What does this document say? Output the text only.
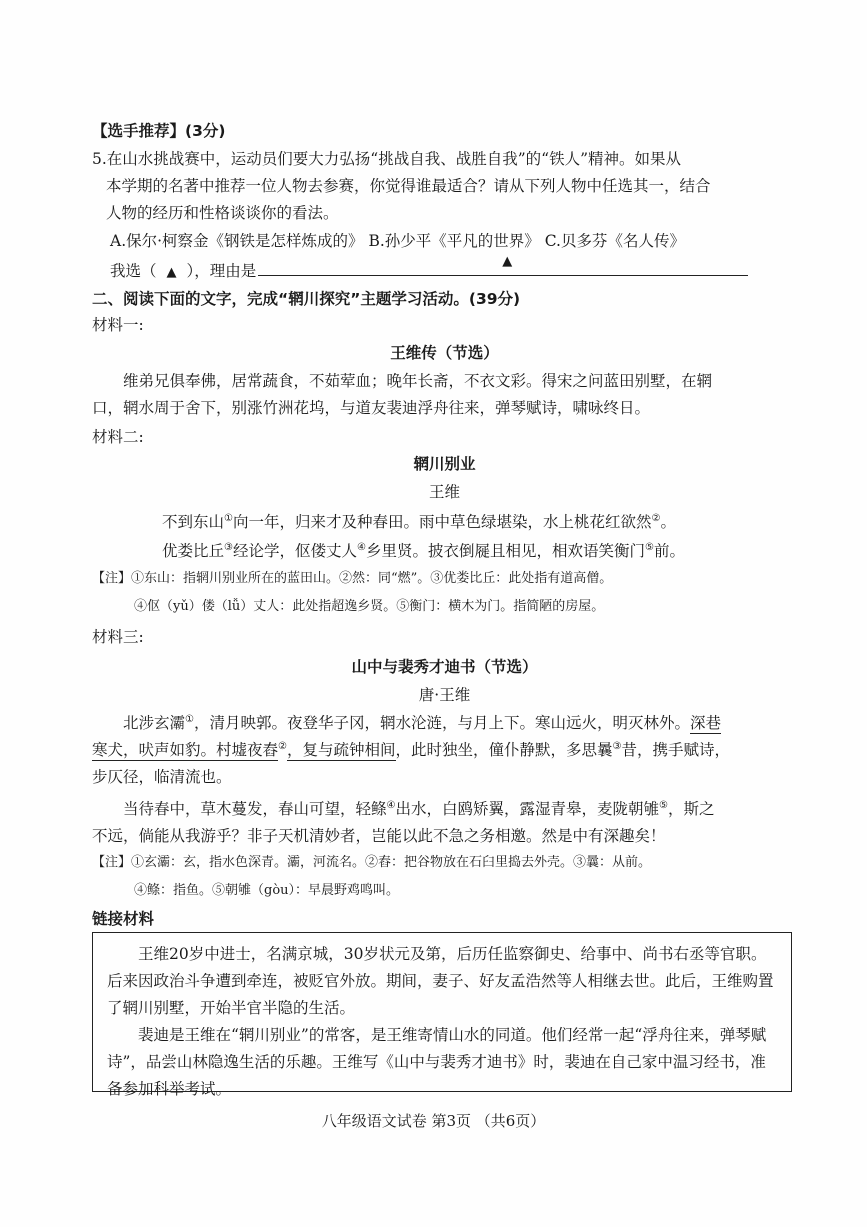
【选手推荐】(3分)
5.在山水挑战赛中，运动员们要大力弘扬“挑战自我、战胜自我”的“铁人”精神。如果从
本学期的名著中推荐一位人物去参赛，你觉得谁最适合？请从下列人物中任选其一，结合
人物的经历和性格谈谈你的看法。
A.保尔·柯察金《钢铁是怎样炼成的》 B.孙少平《平凡的世界》 C.贝多芬《名人传》
我选（ ▲ ），理由是
▲
二、阅读下面的文字，完成“辋川探究”主题学习活动。(39分)
材料一:
王维传（节选）
维弟兄俱奉佛，居常蔬食，不茹荤血；晚年长斋，不衣文彩。得宋之问蓝田别墅，在辋
口，辋水周于舍下，别涨竹洲花坞，与道友裴迪浮舟往来，弹琴赋诗，啸咏终日。
材料二:
辋川别业
王维
不到东山①向一年，归来才及种春田。雨中草色绿堪染，水上桃花红欲然②。
优娄比丘③经论学，伛偻丈人④乡里贤。披衣倒屣且相见，相欢语笑衡门⑤前。
【注】①东山：指辋川别业所在的蓝田山。②然：同“燃”。③优娄比丘：此处指有道高僧。
④伛（yǔ）偻（lǚ）丈人：此处指超逸乡贤。⑤衡门：横木为门。指简陋的房屋。
材料三:
山中与裴秀才迪书（节选）
唐·王维
北涉玄灞①，清月映郭。夜登华子冈，辋水沦涟，与月上下。寒山远火，明灭林外。深巷
寒犬，吠声如豹。村墟夜舂②，复与疏钟相间，此时独坐，僮仆静默，多思曩③昔，携手赋诗，
步仄径，临清流也。
当待春中，草木蔓发，春山可望，轻鲦④出水，白鸥矫翼，露湿青皋，麦陇朝雊⑤，斯之
不远，倘能从我游乎？非子天机清妙者，岂能以此不急之务相邀。然是中有深趣矣！
【注】①玄灞：玄，指水色深青。灞，河流名。②舂：把谷物放在石臼里捣去外壳。③曩：从前。
④鲦：指鱼。⑤朝雊（gòu）：早晨野鸡鸣叫。
链接材料
王维20岁中进士，名满京城，30岁状元及第，后历任监察御史、给事中、尚书右丞等官职。后来因政治斗争遭到牵连，被贬官外放。期间，妻子、好友孟浩然等人相继去世。此后，王维购置了辋川别墅，开始半官半隐的生活。
裴迪是王维在“辋川别业”的常客，是王维寄情山水的同道。他们经常一起“浮舟往来，弹琴赋诗”，品尝山林隐逸生活的乐趣。王维写《山中与裴秀才迪书》时，裴迪在自己家中温习经书，准备参加科举考试。
八年级语文试卷 第3页 （共6页）
